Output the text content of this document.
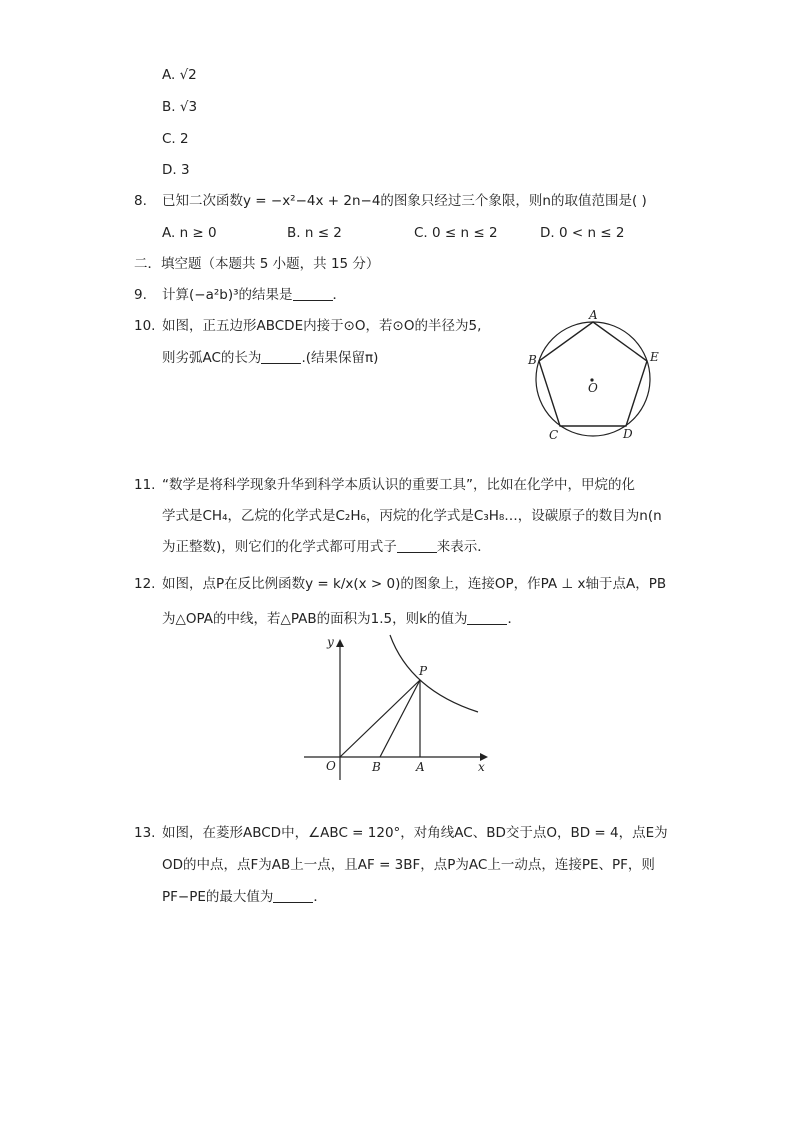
A. √2
B. √3
C. 2
D. 3
8. 已知二次函数y = −x²−4x + 2n−4的图象只经过三个象限，则n的取值范围是( )
A. n ≥ 0	B. n ≤ 2	C. 0 ≤ n ≤ 2	D. 0 < n ≤ 2
二．填空题（本题共 5 小题，共 15 分）
9. 计算(−a²b)³的结果是	．
10. 如图，正五边形ABCDE内接于⊙O，若⊙O的半径为5,
则劣弧AC的长为	.(结果保留π)
A
B	E
O
C	D
11. “数学是将科学现象升华到科学本质认识的重要工具”，比如在化学中，甲烷的化
学式是CH₄，乙烷的化学式是C₂H₆，丙烷的化学式是C₃H₈…，设碳原子的数目为n(n
为正整数)，则它们的化学式都可用式子	来表示．
12. 如图，点P在反比例函数y = k/x(x > 0)的图象上，连接OP，作PA ⊥ x轴于点A，PB
为△OPA的中线，若△PAB的面积为1.5，则k的值为	．
y
x
O	B	A
P
13. 如图，在菱形ABCD中，∠ABC = 120°，对角线AC、BD交于点O，BD = 4，点E为
OD的中点，点F为AB上一点，且AF = 3BF，点P为AC上一动点，连接PE、PF，则
PF−PE的最大值为	．
